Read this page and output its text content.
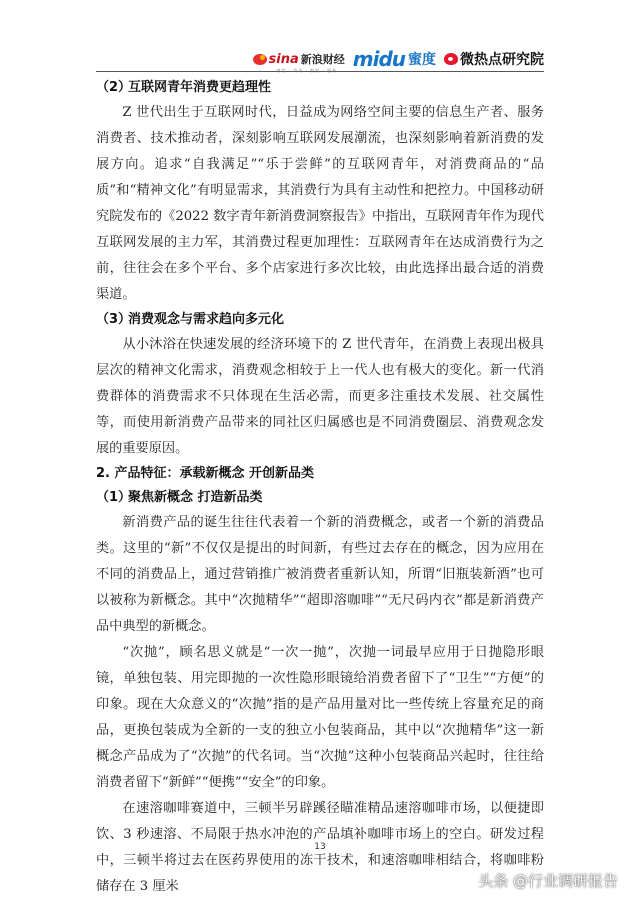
sina 新浪财经 midu 蜜度 微热点研究院
（2）互联网青年消费更趋理性

Z 世代出生于互联网时代，日益成为网络空间主要的信息生产者、服务消费者、技术推动者，深刻影响互联网发展潮流，也深刻影响着新消费的发展方向。追求“自我满足”“乐于尝鲜”的互联网青年，对消费商品的“品质”和“精神文化”有明显需求，其消费行为具有主动性和把控力。中国移动研究院发布的《2022 数字青年新消费洞察报告》中指出，互联网青年作为现代互联网发展的主力军，其消费过程更加理性：互联网青年在达成消费行为之前，往往会在多个平台、多个店家进行多次比较，由此选择出最合适的消费渠道。

（3）消费观念与需求趋向多元化

从小沐浴在快速发展的经济环境下的 Z 世代青年，在消费上表现出极具层次的精神文化需求，消费观念相较于上一代人也有极大的变化。新一代消费群体的消费需求不只体现在生活必需，而更多注重技术发展、社交属性等，而使用新消费产品带来的同社区归属感也是不同消费圈层、消费观念发展的重要原因。

2. 产品特征：承载新概念 开创新品类
（1）聚焦新概念 打造新品类

新消费产品的诞生往往代表着一个新的消费概念，或者一个新的消费品类。这里的“新”不仅仅是提出的时间新，有些过去存在的概念，因为应用在不同的消费品上，通过营销推广被消费者重新认知，所谓“旧瓶装新酒”也可以被称为新概念。其中“次抛精华”“超即溶咖啡”“无尺码内衣”都是新消费产品中典型的新概念。

“次抛”，顾名思义就是“一次一抛”，次抛一词最早应用于日抛隐形眼镜，单独包装、用完即抛的一次性隐形眼镜给消费者留下了“卫生”“方便”的印象。现在大众意义的“次抛”指的是产品用量对比一些传统上容量充足的商品，更换包装成为全新的一支的独立小包装商品，其中以“次抛精华”这一新概念产品成为了“次抛”的代名词。当“次抛”这种小包装商品兴起时，往往给消费者留下“新鲜”“便携”“安全”的印象。

在速溶咖啡赛道中，三顿半另辟蹊径瞄准精品速溶咖啡市场，以便捷即饮、3 秒速溶、不局限于热水冲泡的产品填补咖啡市场上的空白。研发过程中，三顿半将过去在医药界使用的冻干技术，和速溶咖啡相结合，将咖啡粉储存在 3 厘米

13
头条 @行业调研报告
